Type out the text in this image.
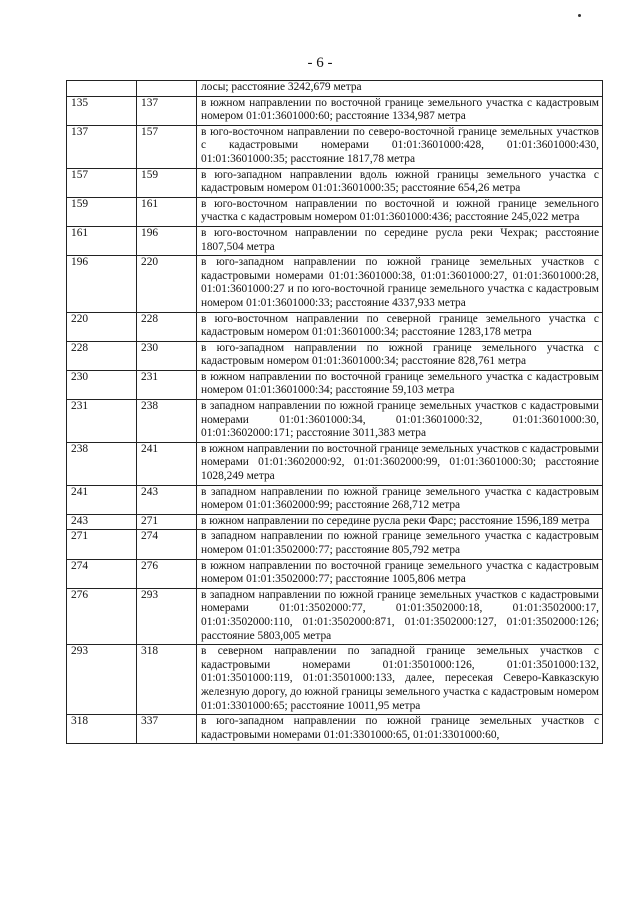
- 6 -
		лосы; расстояние 3242,679 метра
135	137	в южном направлении по восточной границе земельного участка с кадастровым номером 01:01:3601000:60; расстояние 1334,987 метра
137	157	в юго-восточном направлении по северо-восточной границе земельных участков с кадастровыми номерами 01:01:3601000:428, 01:01:3601000:430, 01:01:3601000:35; расстояние 1817,78 метра
157	159	в юго-западном направлении вдоль южной границы земельного участка с кадастровым номером 01:01:3601000:35; расстояние 654,26 метра
159	161	в юго-восточном направлении по восточной и южной границе земельного участка с кадастровым номером 01:01:3601000:436; расстояние 245,022 метра
161	196	в юго-восточном направлении по середине русла реки Чехрак; расстояние 1807,504 метра
196	220	в юго-западном направлении по южной границе земельных участков с кадастровыми номерами 01:01:3601000:38, 01:01:3601000:27, 01:01:3601000:28, 01:01:3601000:27 и по юго-восточной границе земельного участка с кадастровым номером 01:01:3601000:33; расстояние 4337,933 метра
220	228	в юго-восточном направлении по северной границе земельного участка с кадастровым номером 01:01:3601000:34; расстояние 1283,178 метра
228	230	в юго-западном направлении по южной границе земельного участка с кадастровым номером 01:01:3601000:34; расстояние 828,761 метра
230	231	в южном направлении по восточной границе земельного участка с кадастровым номером 01:01:3601000:34; расстояние 59,103 метра
231	238	в западном направлении по южной границе земельных участков с кадастровыми номерами 01:01:3601000:34, 01:01:3601000:32, 01:01:3601000:30, 01:01:3602000:171; расстояние 3011,383 метра
238	241	в южном направлении по восточной границе земельных участков с кадастровыми номерами 01:01:3602000:92, 01:01:3602000:99, 01:01:3601000:30; расстояние 1028,249 метра
241	243	в западном направлении по южной границе земельного участка с кадастровым номером 01:01:3602000:99; расстояние 268,712 метра
243	271	в южном направлении по середине русла реки Фарс; расстояние 1596,189 метра
271	274	в западном направлении по южной границе земельного участка с кадастровым номером 01:01:3502000:77; расстояние 805,792 метра
274	276	в южном направлении по восточной границе земельного участка с кадастровым номером 01:01:3502000:77; расстояние 1005,806 метра
276	293	в западном направлении по южной границе земельных участков с кадастровыми номерами 01:01:3502000:77, 01:01:3502000:18, 01:01:3502000:17, 01:01:3502000:110, 01:01:3502000:871, 01:01:3502000:127, 01:01:3502000:126; расстояние 5803,005 метра
293	318	в северном направлении по западной границе земельных участков с кадастровыми номерами 01:01:3501000:126, 01:01:3501000:132, 01:01:3501000:119, 01:01:3501000:133, далее, пересекая Северо-Кавказскую железную дорогу, до южной границы земельного участка с кадастровым номером 01:01:3301000:65; расстояние 10011,95 метра
318	337	в юго-западном направлении по южной границе земельных участков с кадастровыми номерами 01:01:3301000:65, 01:01:3301000:60,
